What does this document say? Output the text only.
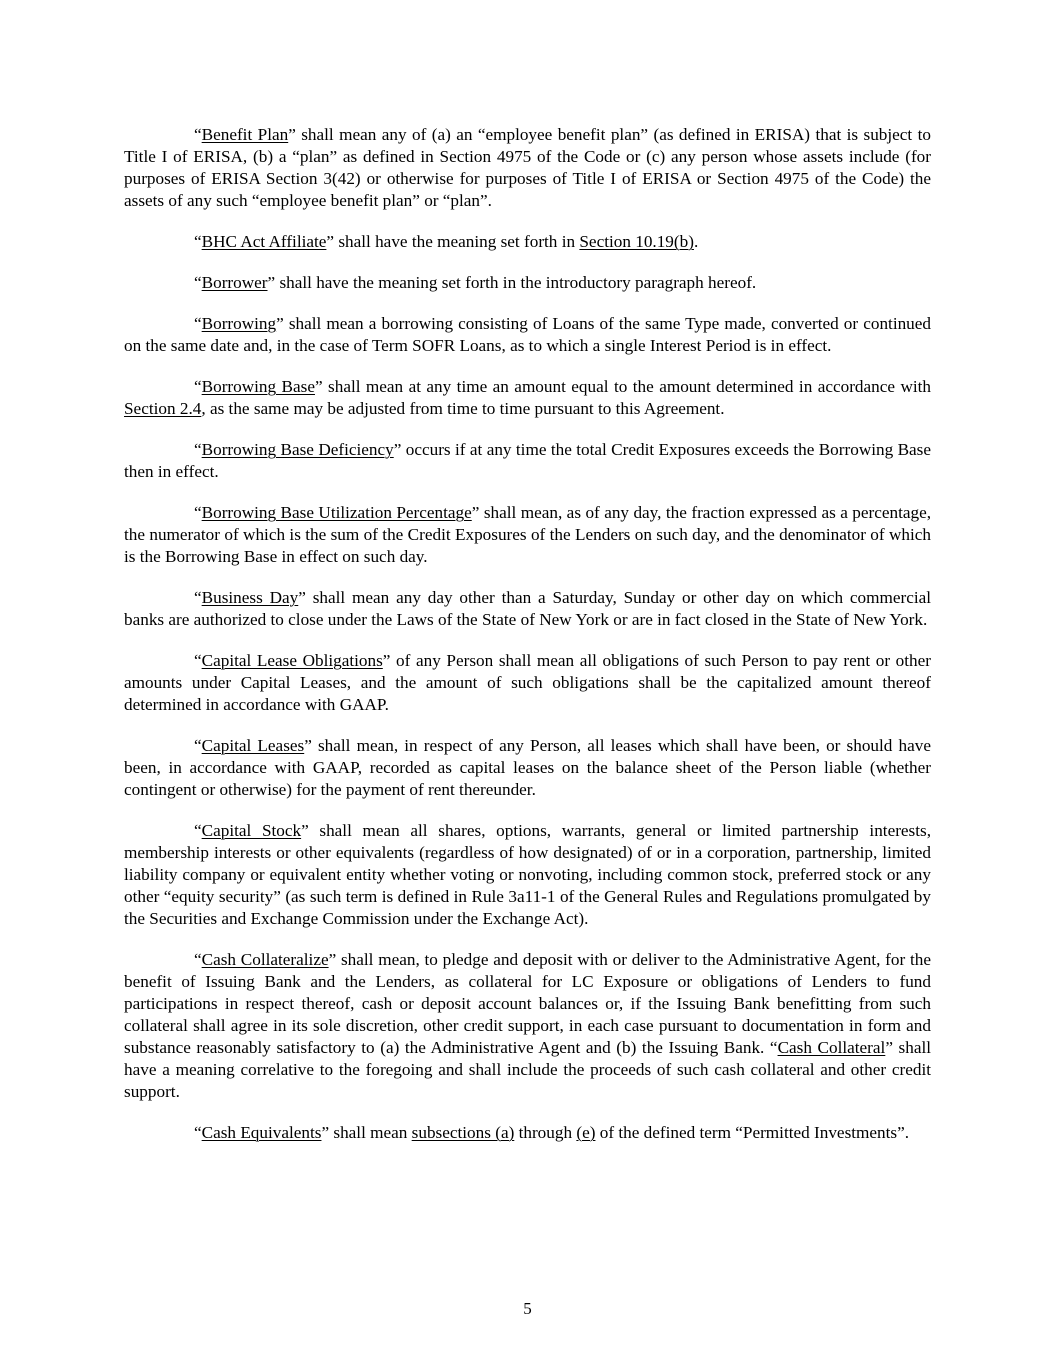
“Benefit Plan” shall mean any of (a) an “employee benefit plan” (as defined in ERISA) that is subject to Title I of ERISA, (b) a “plan” as defined in Section 4975 of the Code or (c) any person whose assets include (for purposes of ERISA Section 3(42) or otherwise for purposes of Title I of ERISA or Section 4975 of the Code) the assets of any such “employee benefit plan” or “plan”.

“BHC Act Affiliate” shall have the meaning set forth in Section 10.19(b).

“Borrower” shall have the meaning set forth in the introductory paragraph hereof.

“Borrowing” shall mean a borrowing consisting of Loans of the same Type made, converted or continued on the same date and, in the case of Term SOFR Loans, as to which a single Interest Period is in effect.

“Borrowing Base” shall mean at any time an amount equal to the amount determined in accordance with Section 2.4, as the same may be adjusted from time to time pursuant to this Agreement.

“Borrowing Base Deficiency” occurs if at any time the total Credit Exposures exceeds the Borrowing Base then in effect.

“Borrowing Base Utilization Percentage” shall mean, as of any day, the fraction expressed as a percentage, the numerator of which is the sum of the Credit Exposures of the Lenders on such day, and the denominator of which is the Borrowing Base in effect on such day.

“Business Day” shall mean any day other than a Saturday, Sunday or other day on which commercial banks are authorized to close under the Laws of the State of New York or are in fact closed in the State of New York.

“Capital Lease Obligations” of any Person shall mean all obligations of such Person to pay rent or other amounts under Capital Leases, and the amount of such obligations shall be the capitalized amount thereof determined in accordance with GAAP.

“Capital Leases” shall mean, in respect of any Person, all leases which shall have been, or should have been, in accordance with GAAP, recorded as capital leases on the balance sheet of the Person liable (whether contingent or otherwise) for the payment of rent thereunder.

“Capital Stock” shall mean all shares, options, warrants, general or limited partnership interests, membership interests or other equivalents (regardless of how designated) of or in a corporation, partnership, limited liability company or equivalent entity whether voting or nonvoting, including common stock, preferred stock or any other “equity security” (as such term is defined in Rule 3a11-1 of the General Rules and Regulations promulgated by the Securities and Exchange Commission under the Exchange Act).

“Cash Collateralize” shall mean, to pledge and deposit with or deliver to the Administrative Agent, for the benefit of Issuing Bank and the Lenders, as collateral for LC Exposure or obligations of Lenders to fund participations in respect thereof, cash or deposit account balances or, if the Issuing Bank benefitting from such collateral shall agree in its sole discretion, other credit support, in each case pursuant to documentation in form and substance reasonably satisfactory to (a) the Administrative Agent and (b) the Issuing Bank. “Cash Collateral” shall have a meaning correlative to the foregoing and shall include the proceeds of such cash collateral and other credit support.

“Cash Equivalents” shall mean subsections (a) through (e) of the defined term “Permitted Investments”.

5
